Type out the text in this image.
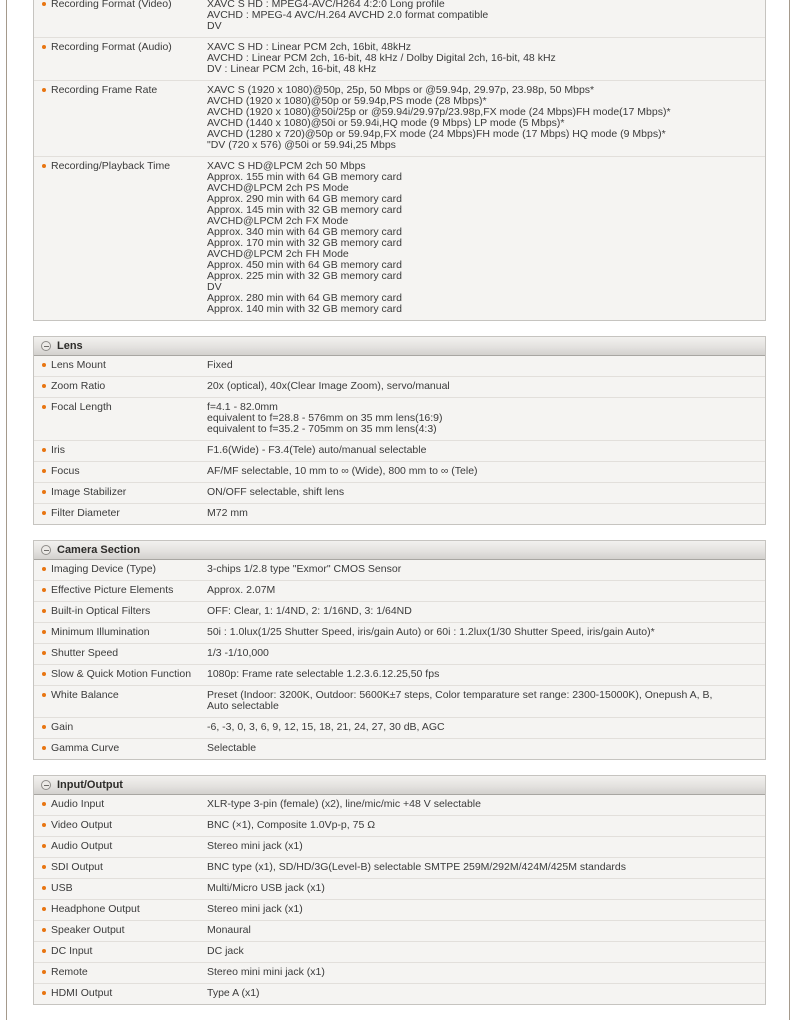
Recording Format (Video)	XAVC S HD : MPEG4-AVC/H264 4:2:0 Long profile
AVCHD : MPEG-4 AVC/H.264 AVCHD 2.0 format compatible
DV
Recording Format (Audio)	XAVC S HD : Linear PCM 2ch, 16bit, 48kHz
AVCHD : Linear PCM 2ch, 16-bit, 48 kHz / Dolby Digital 2ch, 16-bit, 48 kHz
DV : Linear PCM 2ch, 16-bit, 48 kHz
Recording Frame Rate	XAVC S (1920 x 1080)@50p, 25p, 50 Mbps or @59.94p, 29.97p, 23.98p, 50 Mbps*
AVCHD (1920 x 1080)@50p or 59.94p,PS mode (28 Mbps)*
AVCHD (1920 x 1080)@50i/25p or @59.94i/29.97p/23.98p,FX mode (24 Mbps)FH mode(17 Mbps)*
AVCHD (1440 x 1080)@50i or 59.94i,HQ mode (9 Mbps) LP mode (5 Mbps)*
AVCHD (1280 x 720)@50p or 59.94p,FX mode (24 Mbps)FH mode (17 Mbps) HQ mode (9 Mbps)*
"DV (720 x 576) @50i or 59.94i,25 Mbps
Recording/Playback Time	XAVC S HD@LPCM 2ch 50 Mbps
Approx. 155 min with 64 GB memory card
AVCHD@LPCM 2ch PS Mode
Approx. 290 min with 64 GB memory card
Approx. 145 min with 32 GB memory card
AVCHD@LPCM 2ch FX Mode
Approx. 340 min with 64 GB memory card
Approx. 170 min with 32 GB memory card
AVCHD@LPCM 2ch FH Mode
Approx. 450 min with 64 GB memory card
Approx. 225 min with 32 GB memory card
DV
Approx. 280 min with 64 GB memory card
Approx. 140 min with 32 GB memory card
Lens
Lens Mount	Fixed
Zoom Ratio	20x (optical), 40x(Clear Image Zoom), servo/manual
Focal Length	f=4.1 - 82.0mm
equivalent to f=28.8 - 576mm on 35 mm lens(16:9)
equivalent to f=35.2 - 705mm on 35 mm lens(4:3)
Iris	F1.6(Wide) - F3.4(Tele) auto/manual selectable
Focus	AF/MF selectable, 10 mm to ∞ (Wide), 800 mm to ∞ (Tele)
Image Stabilizer	ON/OFF selectable, shift lens
Filter Diameter	M72 mm
Camera Section
Imaging Device (Type)	3-chips 1/2.8 type "Exmor" CMOS Sensor
Effective Picture Elements	Approx. 2.07M
Built-in Optical Filters	OFF: Clear, 1: 1/4ND, 2: 1/16ND, 3: 1/64ND
Minimum Illumination	50i : 1.0lux(1/25 Shutter Speed, iris/gain Auto) or 60i : 1.2lux(1/30 Shutter Speed, iris/gain Auto)*
Shutter Speed	1/3 -1/10,000
Slow & Quick Motion Function	1080p: Frame rate selectable 1.2.3.6.12.25,50 fps
White Balance	Preset (Indoor: 3200K, Outdoor: 5600K±7 steps, Color temparature set range: 2300-15000K), Onepush A, B,
Auto selectable
Gain	-6, -3, 0, 3, 6, 9, 12, 15, 18, 21, 24, 27, 30 dB, AGC
Gamma Curve	Selectable
Input/Output
Audio Input	XLR-type 3-pin (female) (x2), line/mic/mic +48 V selectable
Video Output	BNC (×1), Composite 1.0Vp-p, 75 Ω
Audio Output	Stereo mini jack (x1)
SDI Output	BNC type (x1), SD/HD/3G(Level-B) selectable SMTPE 259M/292M/424M/425M standards
USB	Multi/Micro USB jack (x1)
Headphone Output	Stereo mini jack (x1)
Speaker Output	Monaural
DC Input	DC jack
Remote	Stereo mini mini jack (x1)
HDMI Output	Type A (x1)
